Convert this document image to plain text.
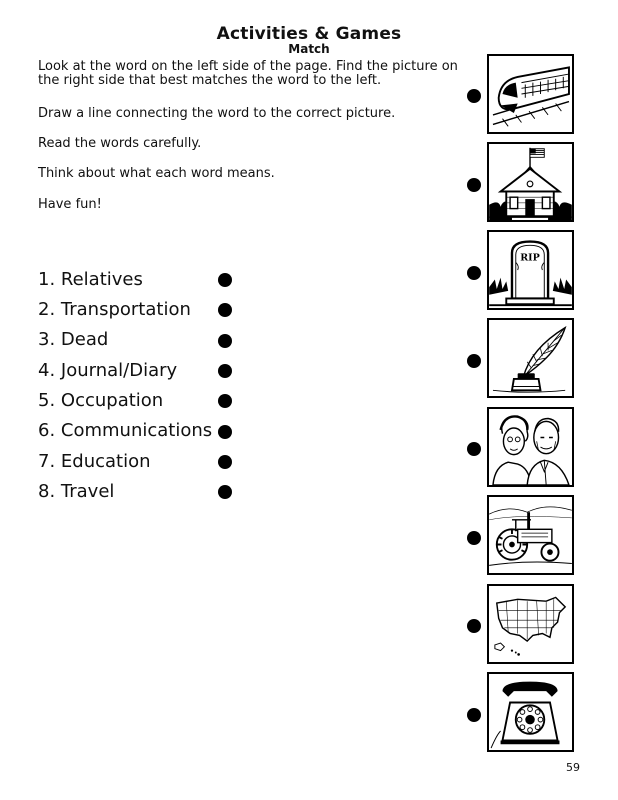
Activities & Games
Match
Look at the word on the left side of the page. Find the picture on the right side that best matches the word to the left.
Draw a line connecting the word to the correct picture.
Read the words carefully.
Think about what each word means.
Have fun!
1. Relatives
2. Transportation
3. Dead
4. Journal/Diary
5. Occupation
6. Communications
7. Education
8. Travel
RIP
59
